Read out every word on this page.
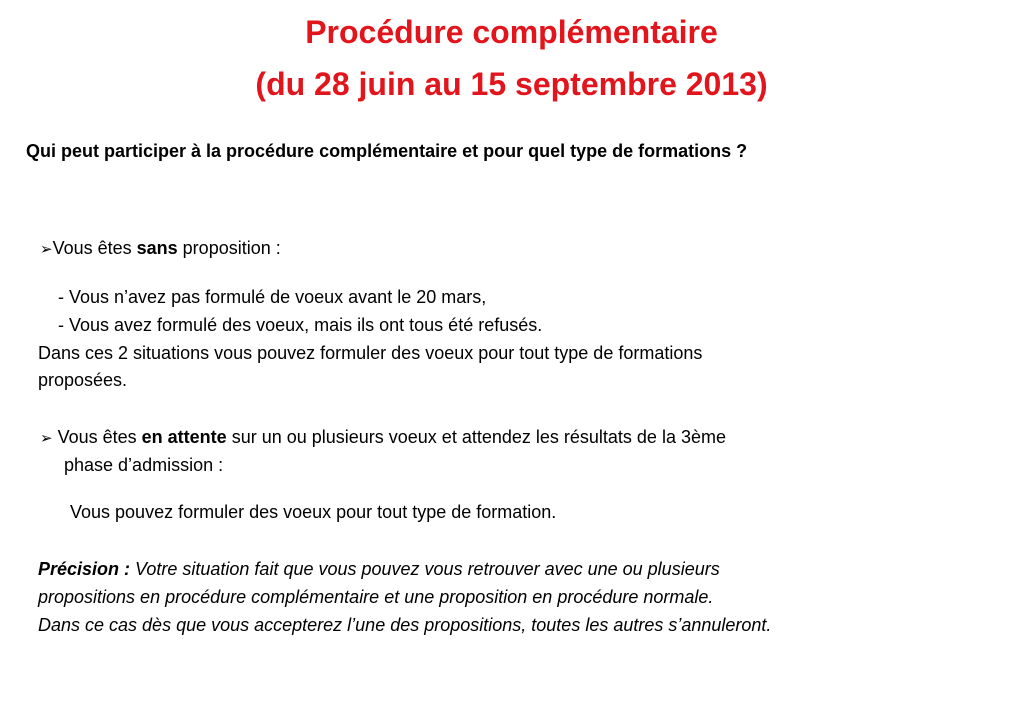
Procédure complémentaire
(du 28 juin au 15 septembre 2013)
Qui peut participer à la procédure complémentaire et pour quel type de formations ?
➢Vous êtes sans proposition :
- Vous n’avez pas formulé de voeux avant le 20 mars,
- Vous avez formulé des voeux, mais ils ont tous été refusés.
Dans ces 2 situations vous pouvez formuler des voeux pour tout type de formations
proposées.
➢ Vous êtes en attente sur un ou plusieurs voeux et attendez les résultats de la 3ème
phase d’admission :
Vous pouvez formuler des voeux pour tout type de formation.
Précision : Votre situation fait que vous pouvez vous retrouver avec une ou plusieurs
propositions en procédure complémentaire et une proposition en procédure normale.
Dans ce cas dès que vous accepterez l’une des propositions, toutes les autres s’annuleront.
